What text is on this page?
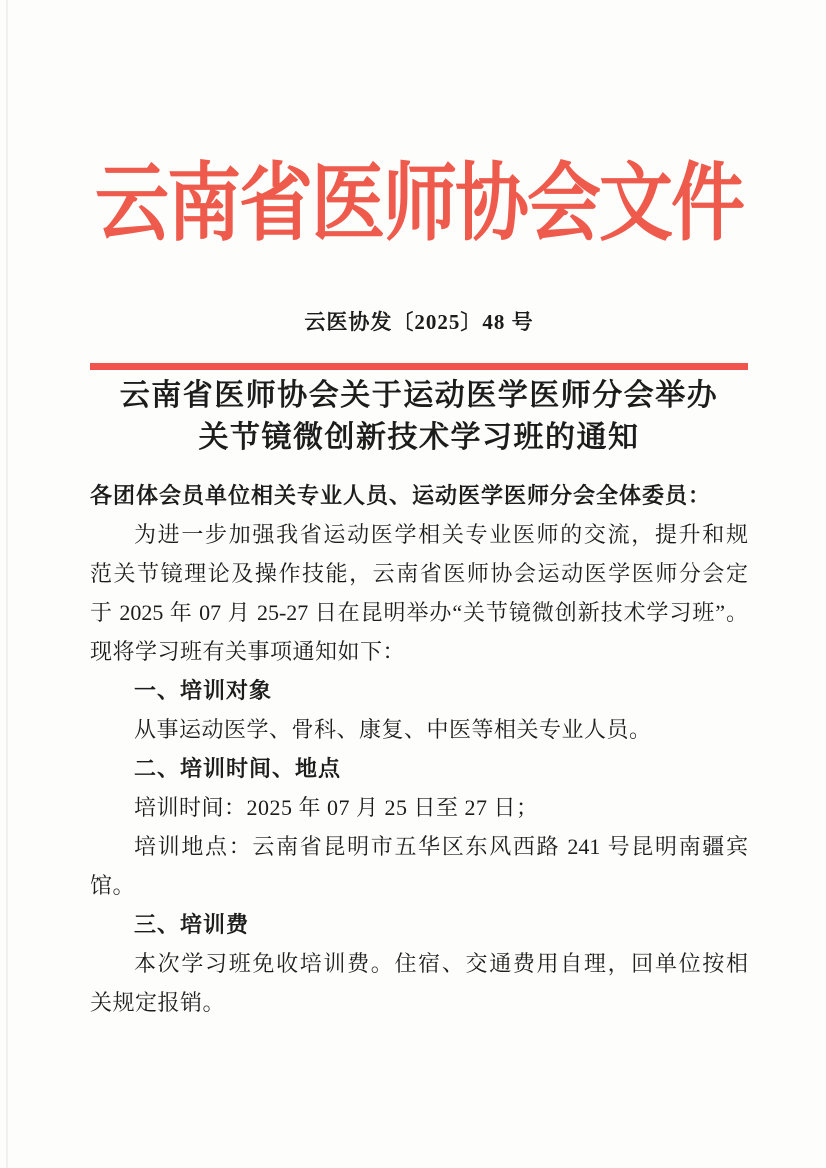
云南省医师协会文件
云医协发〔2025〕48 号
云南省医师协会关于运动医学医师分会举办
关节镜微创新技术学习班的通知
各团体会员单位相关专业人员、运动医学医师分会全体委员：
为进一步加强我省运动医学相关专业医师的交流，提升和规
范关节镜理论及操作技能，云南省医师协会运动医学医师分会定
于 2025 年 07 月 25-27 日在昆明举办“关节镜微创新技术学习班”。
现将学习班有关事项通知如下：
一、培训对象
从事运动医学、骨科、康复、中医等相关专业人员。
二、培训时间、地点
培训时间：2025 年 07 月 25 日至 27 日；
培训地点：云南省昆明市五华区东风西路 241 号昆明南疆宾
馆。
三、培训费
本次学习班免收培训费。住宿、交通费用自理，回单位按相
关规定报销。
